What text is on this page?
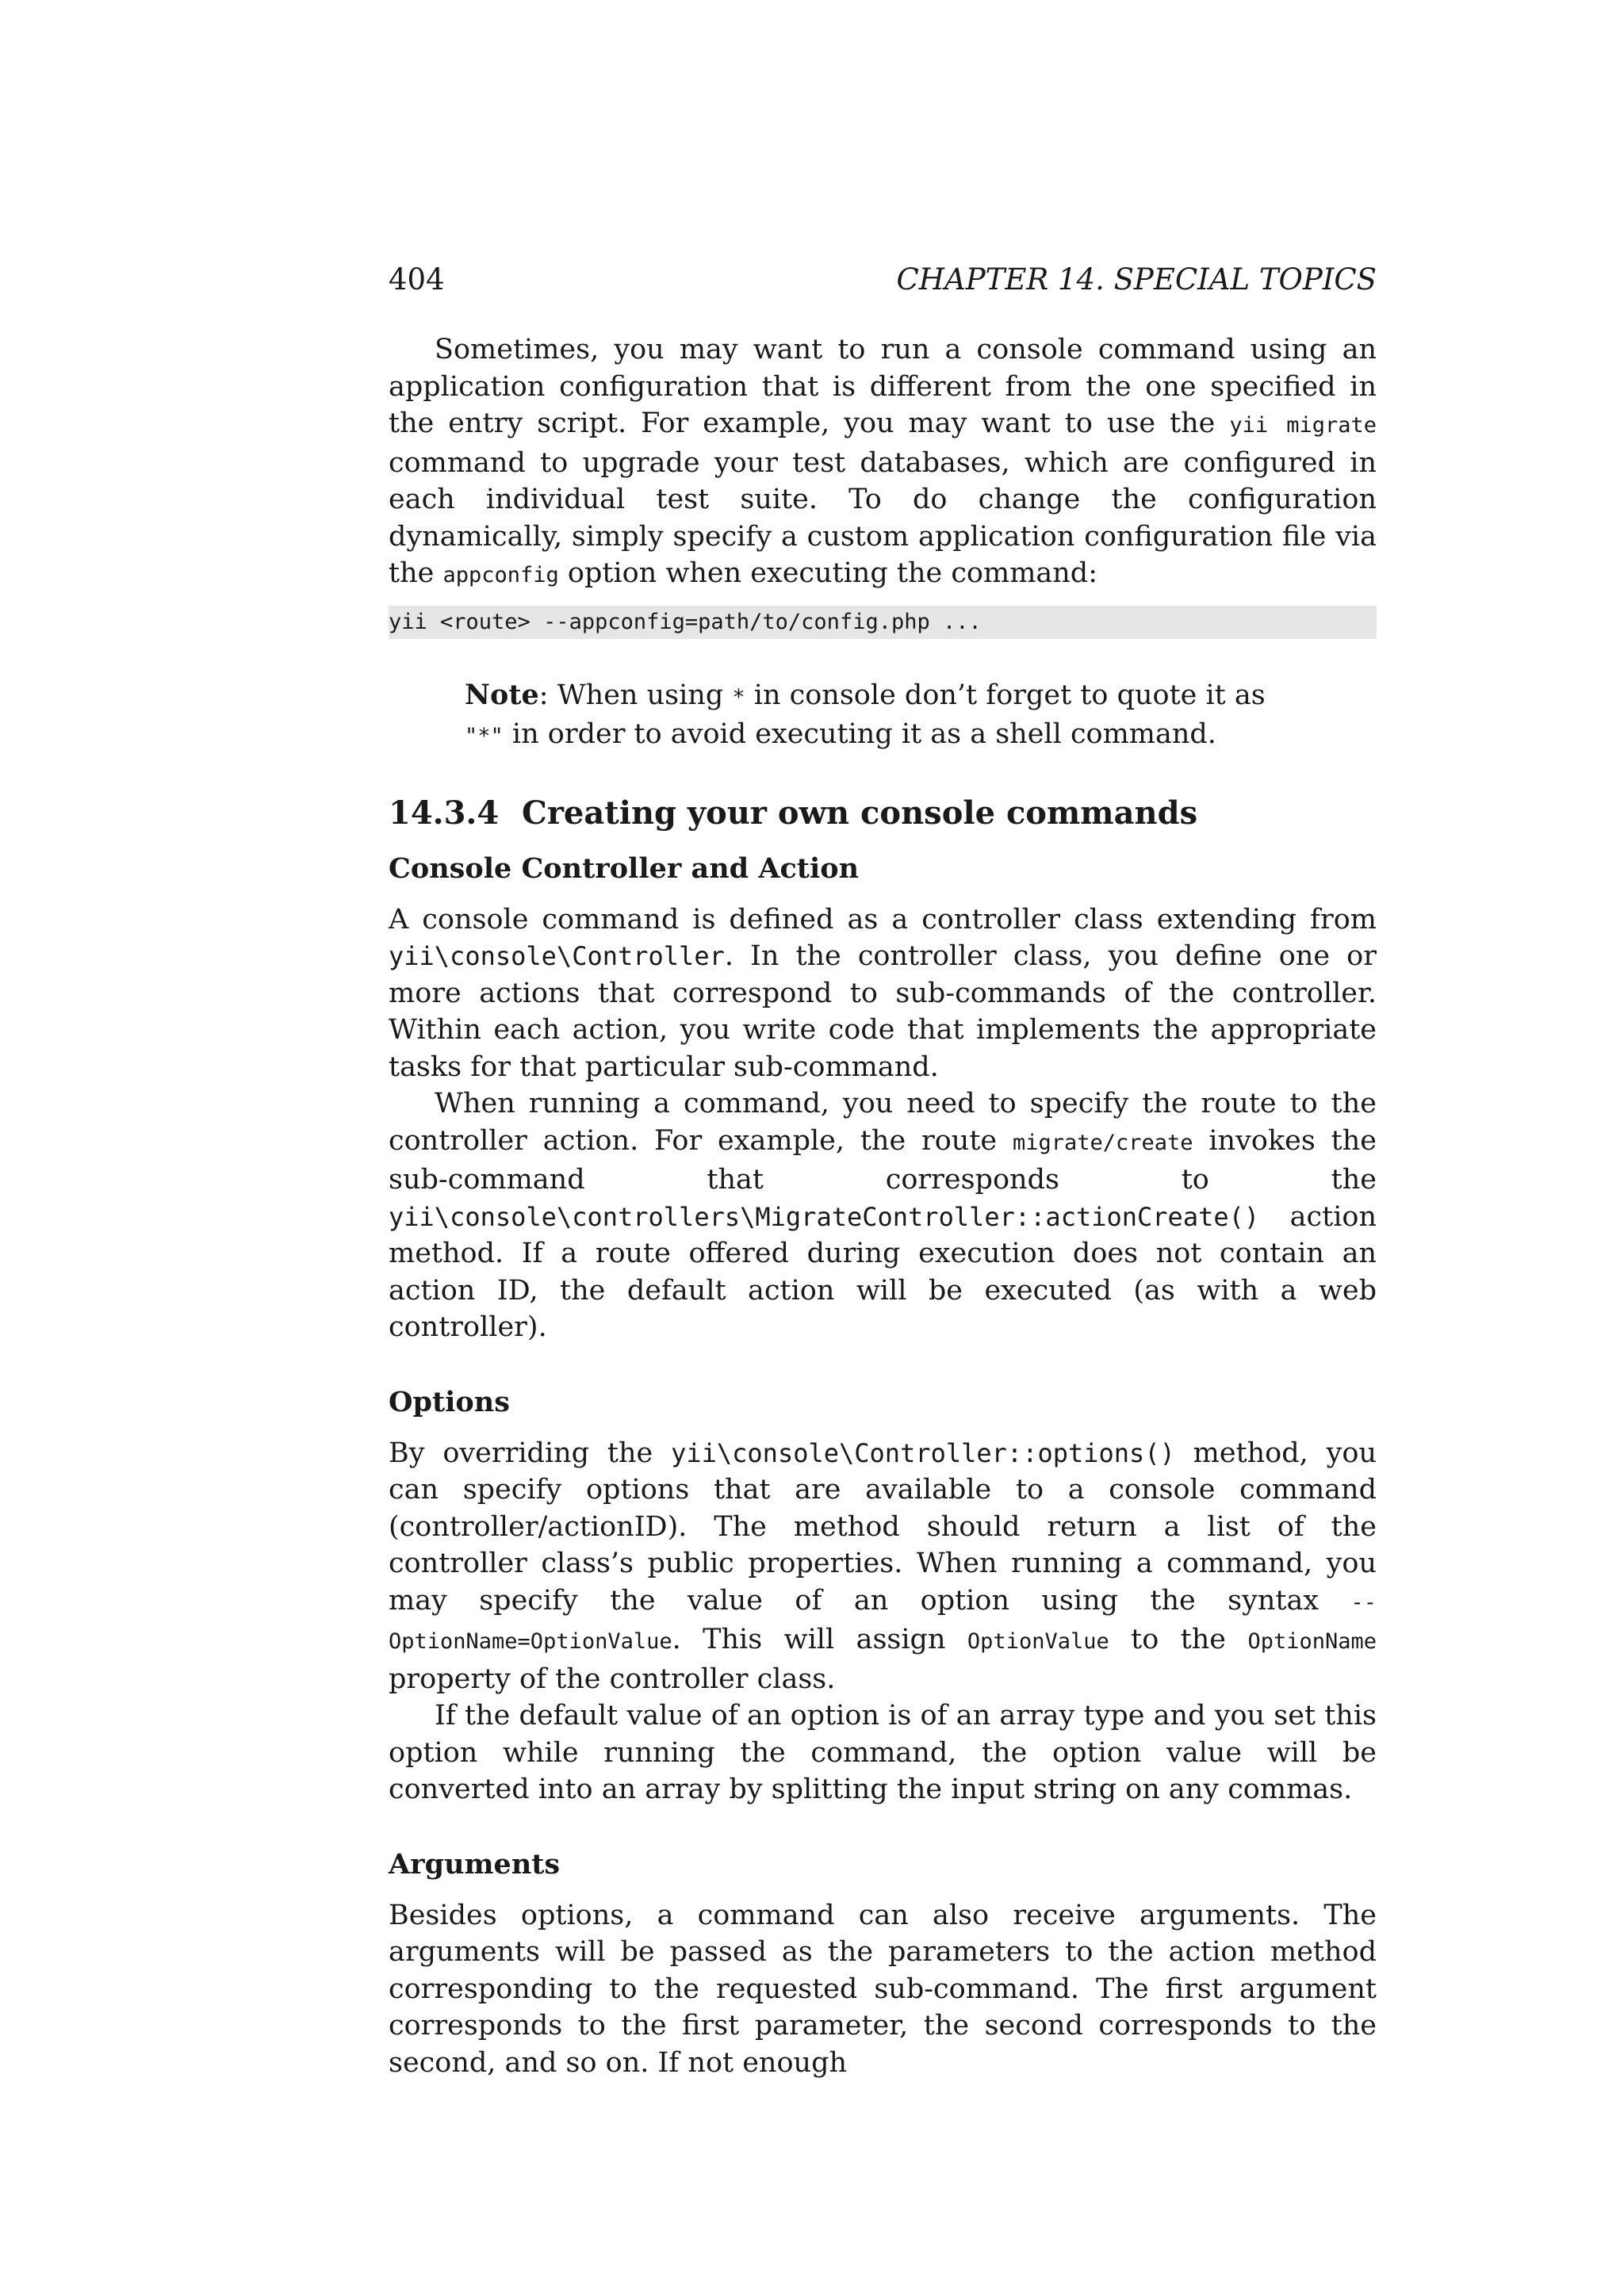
404	CHAPTER 14. SPECIAL TOPICS

Sometimes, you may want to run a console command using an application configuration that is different from the one specified in the entry script. For example, you may want to use the yii migrate command to upgrade your test databases, which are configured in each individual test suite. To do change the configuration dynamically, simply specify a custom application configuration file via the appconfig option when executing the command:

yii <route> --appconfig=path/to/config.php ...

Note: When using * in console don’t forget to quote it as "*" in order to avoid executing it as a shell command.

14.3.4 Creating your own console commands
Console Controller and Action

A console command is defined as a controller class extending from yii\console\Controller. In the controller class, you define one or more actions that correspond to sub-commands of the controller. Within each action, you write code that implements the appropriate tasks for that particular sub-command.

When running a command, you need to specify the route to the controller action. For example, the route migrate/create invokes the sub-command that corresponds to the yii\console\controllers\MigrateController::actionCreate() action method. If a route offered during execution does not contain an action ID, the default action will be executed (as with a web controller).

Options

By overriding the yii\console\Controller::options() method, you can specify options that are available to a console command (controller/actionID). The method should return a list of the controller class’s public properties. When running a command, you may specify the value of an option using the syntax --OptionName=OptionValue. This will assign OptionValue to the OptionName property of the controller class.

If the default value of an option is of an array type and you set this option while running the command, the option value will be converted into an array by splitting the input string on any commas.

Arguments

Besides options, a command can also receive arguments. The arguments will be passed as the parameters to the action method corresponding to the requested sub-command. The first argument corresponds to the first parameter, the second corresponds to the second, and so on. If not enough
